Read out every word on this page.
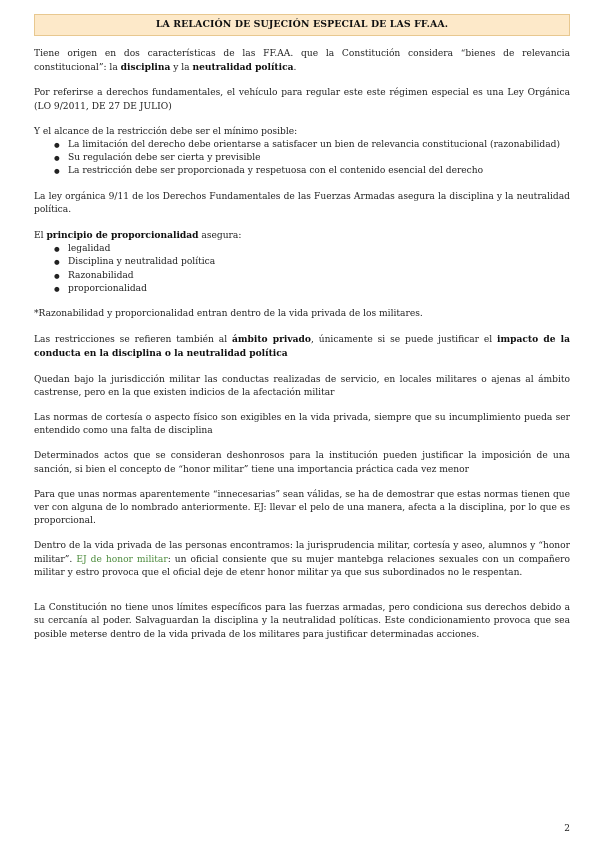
LA RELACIÓN DE SUJECIÓN ESPECIAL DE LAS FF.AA.

Tiene origen en dos características de las FF.AA. que la Constitución considera “bienes de relevancia constitucional”: la disciplina y la neutralidad política.

Por referirse a derechos fundamentales, el vehículo para regular este este régimen especial es una Ley Orgánica (LO 9/2011, DE 27 DE JULIO)

Y el alcance de la restricción debe ser el mínimo posible:
● La limitación del derecho debe orientarse a satisfacer un bien de relevancia constitucional (razonabilidad)
● Su regulación debe ser cierta y previsible
● La restricción debe ser proporcionada y respetuosa con el contenido esencial del derecho

La ley orgánica 9/11 de los Derechos Fundamentales de las Fuerzas Armadas asegura la disciplina y la neutralidad política.

El principio de proporcionalidad asegura:
● legalidad
● Disciplina y neutralidad política
● Razonabilidad
● proporcionalidad

*Razonabilidad y proporcionalidad entran dentro de la vida privada de los militares.

Las restricciones se refieren también al ámbito privado, únicamente si se puede justificar el impacto de la conducta en la disciplina o la neutralidad política

Quedan bajo la jurisdicción militar las conductas realizadas de servicio, en locales militares o ajenas al ámbito castrense, pero en la que existen indicios de la afectación militar

Las normas de cortesía o aspecto físico son exigibles en la vida privada, siempre que su incumplimiento pueda ser entendido como una falta de disciplina

Determinados actos que se consideran deshonrosos para la institución pueden justificar la imposición de una sanción, si bien el concepto de “honor militar” tiene una importancia práctica cada vez menor

Para que unas normas aparentemente “innecesarias” sean válidas, se ha de demostrar que estas normas tienen que ver con alguna de lo nombrado anteriormente. EJ: llevar el pelo de una manera, afecta a la disciplina, por lo que es proporcional.

Dentro de la vida privada de las personas encontramos: la jurisprudencia militar, cortesía y aseo, alumnos y “honor militar”. EJ de honor militar: un oficial consiente que su mujer mantebga relaciones sexuales con un compañero militar y estro provoca que el oficial deje de etenr honor militar ya que sus subordinados no le respentan.

La Constitución no tiene unos límites específicos para las fuerzas armadas, pero condiciona sus derechos debido a su cercanía al poder. Salvaguardan la disciplina y la neutralidad políticas. Este condicionamiento provoca que sea posible meterse dentro de la vida privada de los militares para justificar determinadas acciones.

2
